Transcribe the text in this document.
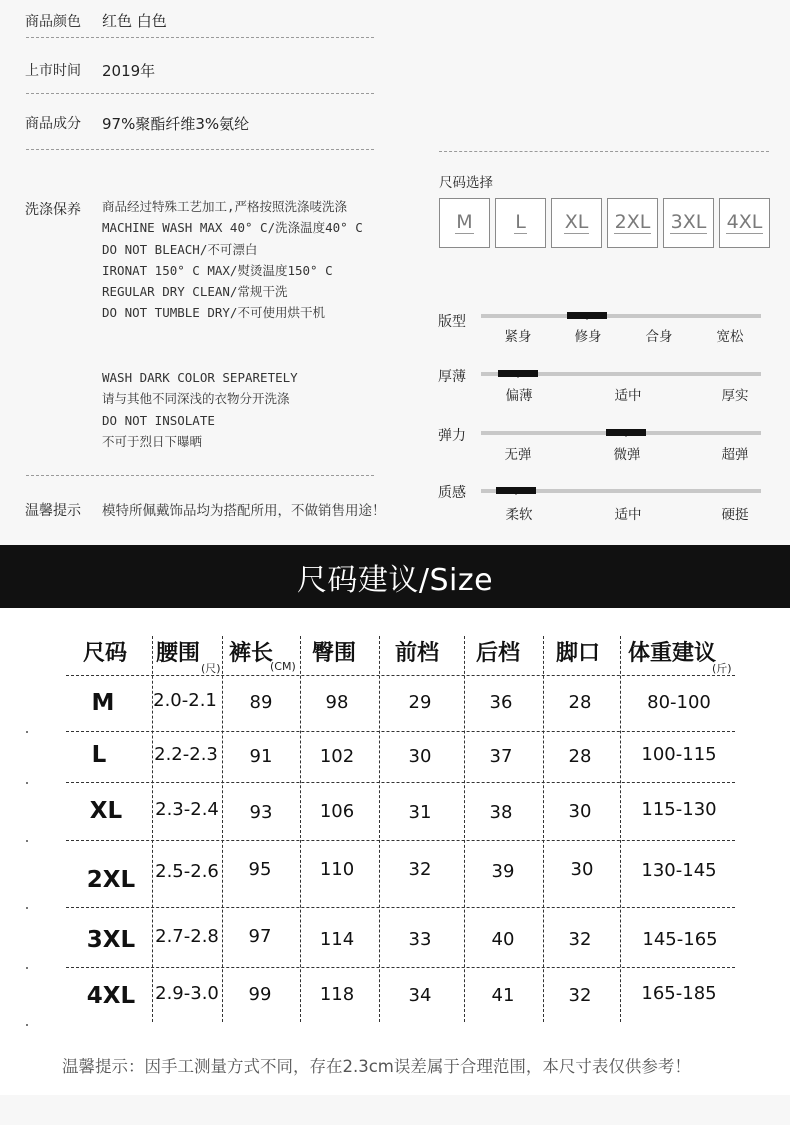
商品颜色 红色 白色
上市时间 2019年
商品成分 97%聚酯纤维3%氨纶
洗涤保养 商品经过特殊工艺加工,严格按照洗涤唛洗涤
MACHINE WASH MAX 40° C/洗涤温度40° C
DO NOT BLEACH/不可漂白
IRONAT 150° C MAX/熨烫温度150° C
REGULAR DRY CLEAN/常规干洗
DO NOT TUMBLE DRY/不可使用烘干机
WASH DARK COLOR SEPARETELY
请与其他不同深浅的衣物分开洗涤
DO NOT INSOLATE
不可于烈日下曝晒
温馨提示 模特所佩戴饰品均为搭配所用，不做销售用途！
尺码选择
M L XL 2XL 3XL 4XL
版型
紧身	修身	合身	宽松
厚薄
偏薄	适中	厚实
弹力
无弹	微弹	超弹
质感
柔软	适中	硬挺
尺码建议/Size
尺码 腰围 裤长 臀围 前档 后档 脚口 体重建议
(尺)	(CM)	(斤)
M 2.0-2.1 89	98	29	36	28	80-100
L	2.2-2.3 91	102	30	37	28	100-115
XL 2.3-2.4 93	106	31	38	30	115-130
2XL 2.5-2.6 95	110	32	39	30	130-145
3XL 2.7-2.8 97	114	33	40	32	145-165
4XL 2.9-3.0 99	118	34	41	32	165-185
温馨提示：因手工测量方式不同，存在2.3cm误差属于合理范围，本尺寸表仅供参考！
